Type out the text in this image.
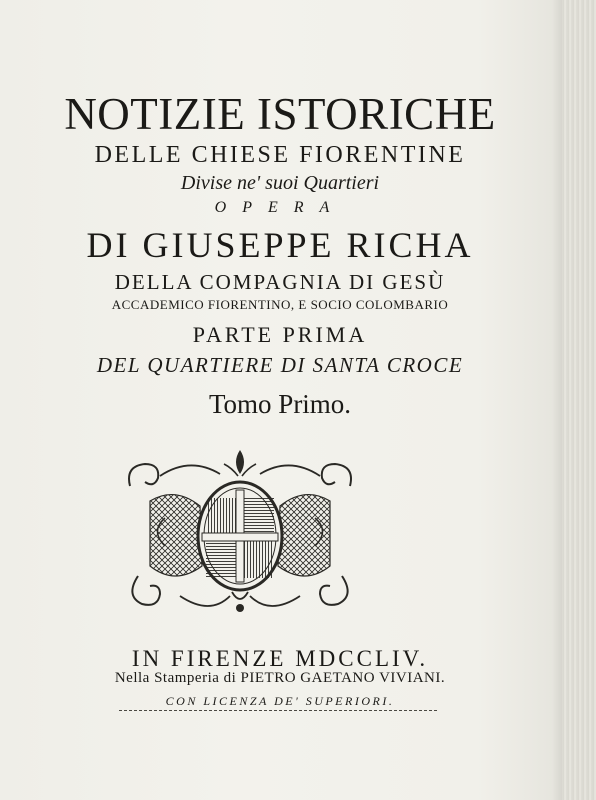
NOTIZIE ISTORICHE
DELLE CHIESE FIORENTINE
Divise ne' suoi Quartieri
OPERA
DI GIUSEPPE RICHA
DELLA COMPAGNIA DI GESÙ
ACCADEMICO FIORENTINO, E SOCIO COLOMBARIO
PARTE PRIMA
DEL QUARTIERE DI SANTA CROCE
Tomo Primo.
IN FIRENZE MDCCLIV.
Nella Stamperia di PIETRO GAETANO VIVIANI.
CON LICENZA DE' SUPERIORI.
